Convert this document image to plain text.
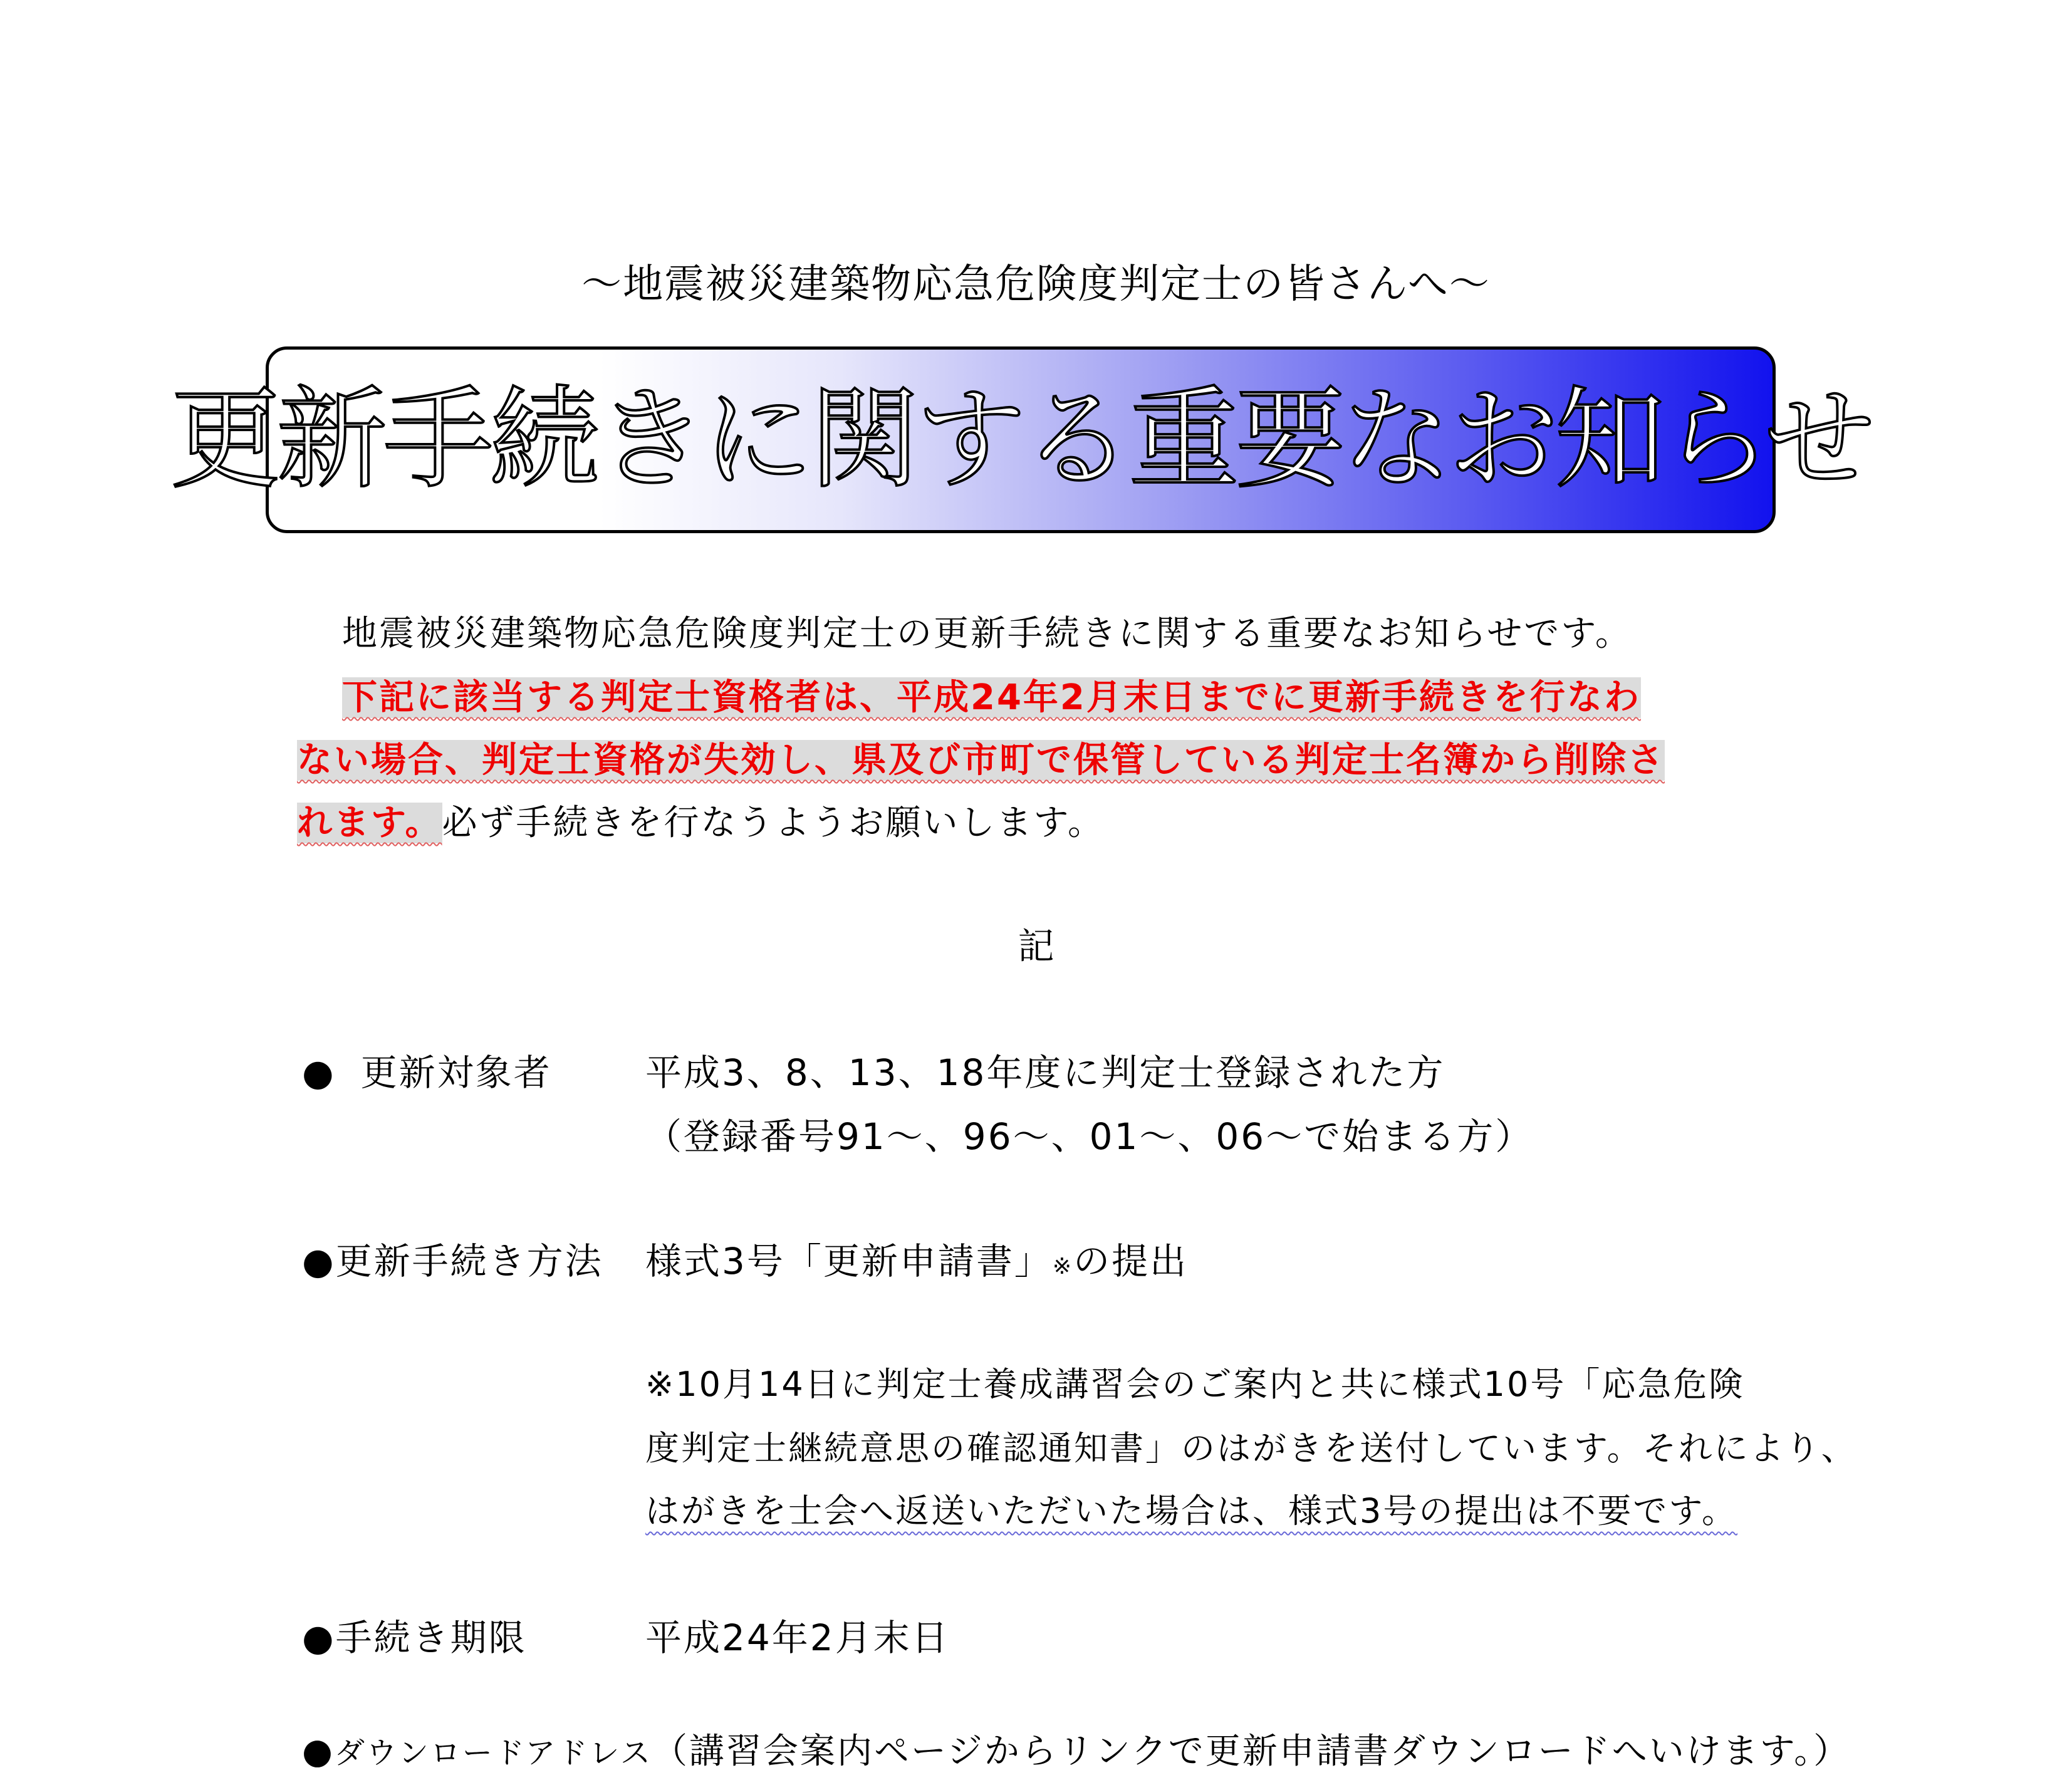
～地震被災建築物応急危険度判定士の皆さんへ～
更新手続きに関する重要なお知らせ
地震被災建築物応急危険度判定士の更新手続きに関する重要なお知らせです。
下記に該当する判定士資格者は、平成24年2月末日までに更新手続きを行なわ
ない場合、判定士資格が失効し、県及び市町で保管している判定士名簿から削除さ
れます。必ず手続きを行なうようお願いします。
記
● 更新対象者	平成3、8、13、18年度に判定士登録された方
（登録番号91～、96～、01～、06～で始まる方）
●更新手続き方法 様式3号「更新申請書」※の提出
※10月14日に判定士養成講習会のご案内と共に様式10号「応急危険
度判定士継続意思の確認通知書」のはがきを送付しています。それにより、
はがきを士会へ返送いただいた場合は、様式3号の提出は不要です。
●手続き期限	平成24年2月末日
●ダウンロードアドレス（講習会案内ページからリンクで更新申請書ダウンロードへいけます。）
